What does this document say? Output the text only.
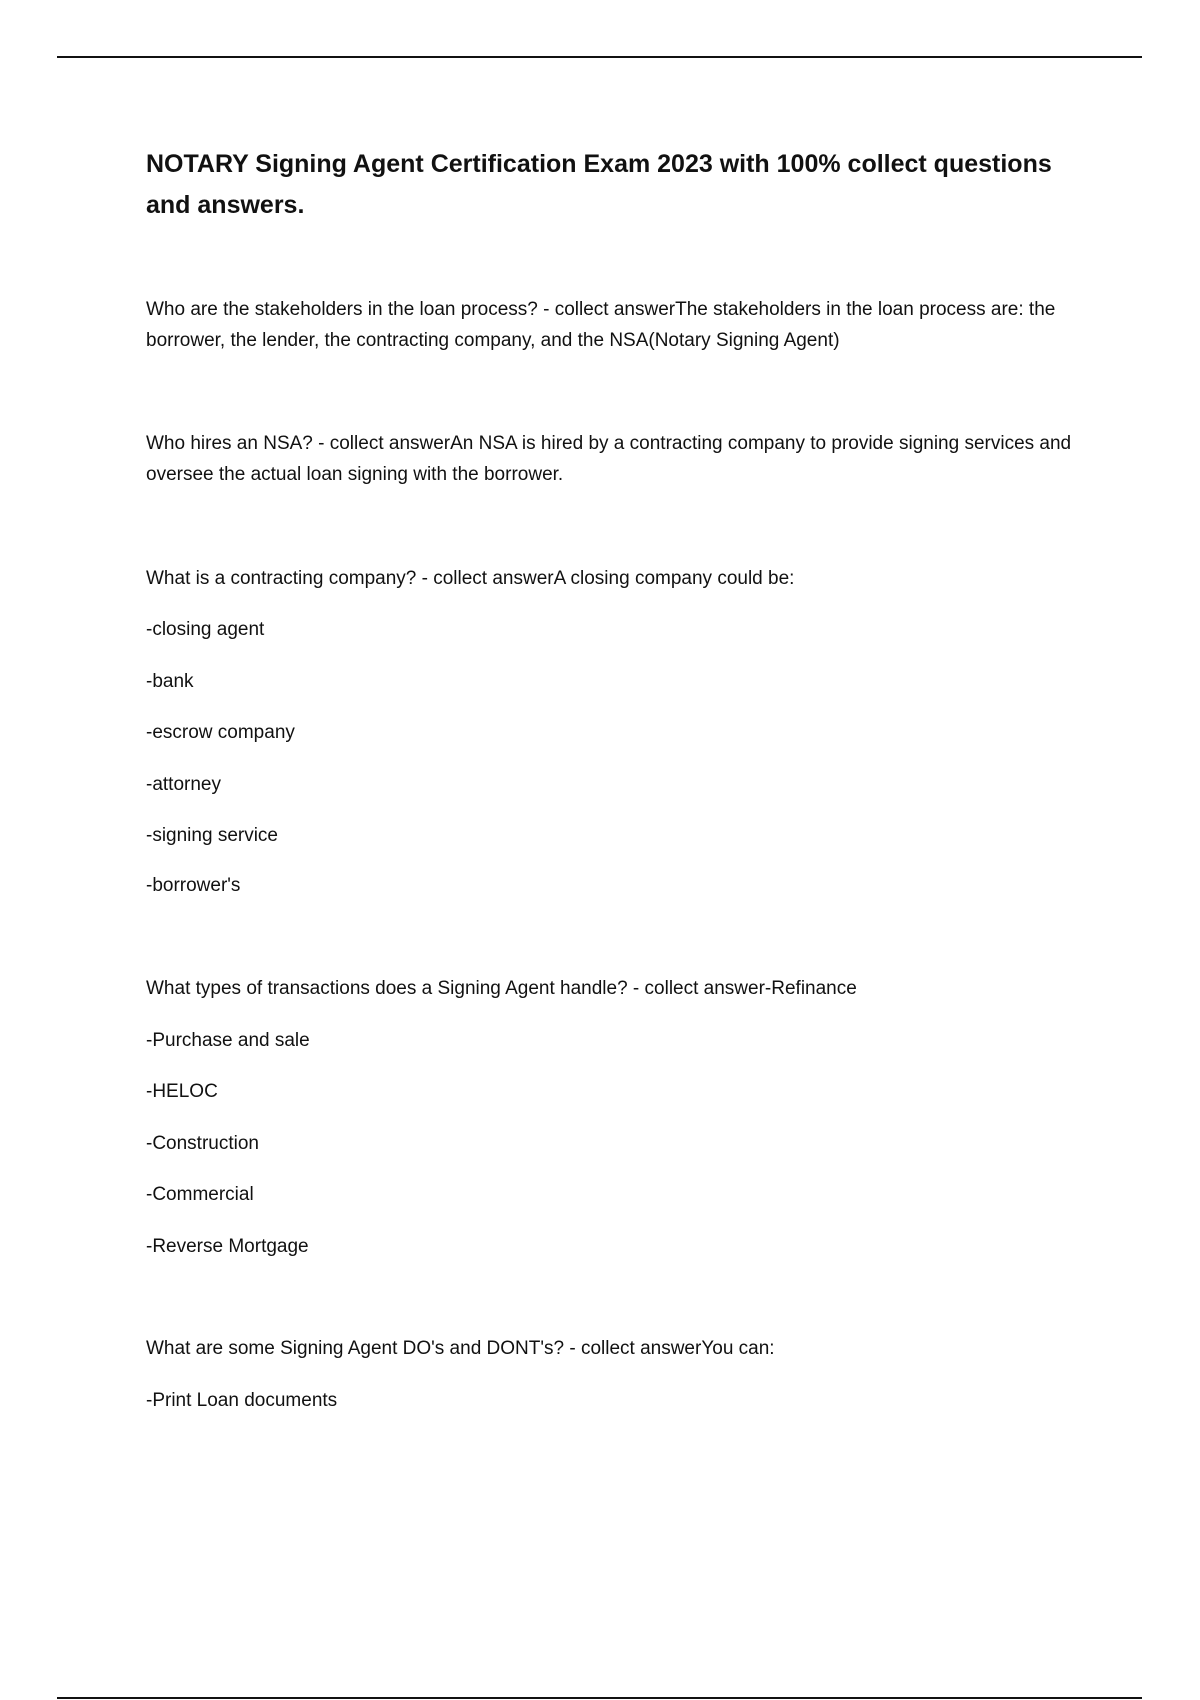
NOTARY Signing Agent Certification Exam 2023 with 100% collect questions and answers.

Who are the stakeholders in the loan process? - collect answerThe stakeholders in the loan process are: the borrower, the lender, the contracting company, and the NSA(Notary Signing Agent)

Who hires an NSA? - collect answerAn NSA is hired by a contracting company to provide signing services and oversee the actual loan signing with the borrower.

What is a contracting company? - collect answerA closing company could be:

-closing agent

-bank

-escrow company

-attorney

-signing service

-borrower's

What types of transactions does a Signing Agent handle? - collect answer-Refinance

-Purchase and sale

-HELOC

-Construction

-Commercial

-Reverse Mortgage

What are some Signing Agent DO's and DONT's? - collect answerYou can:

-Print Loan documents
